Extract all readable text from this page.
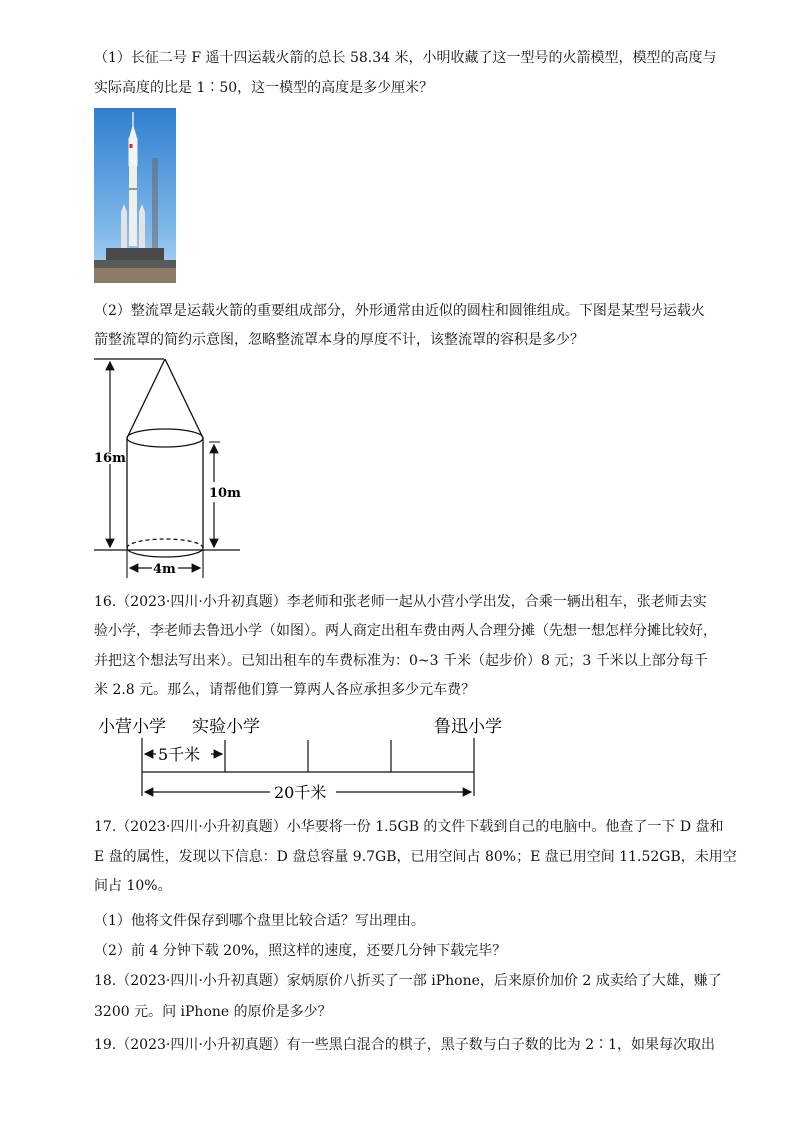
（1）长征二号 F 遥十四运载火箭的总长 58.34 米，小明收藏了这一型号的火箭模型，模型的高度与
实际高度的比是 1∶50，这一模型的高度是多少厘米？
（2）整流罩是运载火箭的重要组成部分，外形通常由近似的圆柱和圆锥组成。下图是某型号运载火
箭整流罩的简约示意图，忽略整流罩本身的厚度不计，该整流罩的容积是多少？
16m
10m
4m
16.（2023·四川·小升初真题）李老师和张老师一起从小营小学出发，合乘一辆出租车，张老师去实
验小学，李老师去鲁迅小学（如图）。两人商定出租车费由两人合理分摊（先想一想怎样分摊比较好，
并把这个想法写出来）。已知出租车的车费标准为：0~3 千米（起步价）8 元；3 千米以上部分每千
米 2.8 元。那么，请帮他们算一算两人各应承担多少元车费？
小营小学 实验小学	鲁迅小学
5千米
20千米
17.（2023·四川·小升初真题）小华要将一份 1.5GB 的文件下载到自己的电脑中。他查了一下 D 盘和
E 盘的属性，发现以下信息：D 盘总容量 9.7GB，已用空间占 80%；E 盘已用空间 11.52GB，未用空
间占 10%。
（1）他将文件保存到哪个盘里比较合适？写出理由。
（2）前 4 分钟下载 20%，照这样的速度，还要几分钟下载完毕？
18.（2023·四川·小升初真题）家炳原价八折买了一部 iPhone，后来原价加价 2 成卖给了大雄，赚了
3200 元。问 iPhone 的原价是多少？
19.（2023·四川·小升初真题）有一些黑白混合的棋子，黑子数与白子数的比为 2∶1，如果每次取出
